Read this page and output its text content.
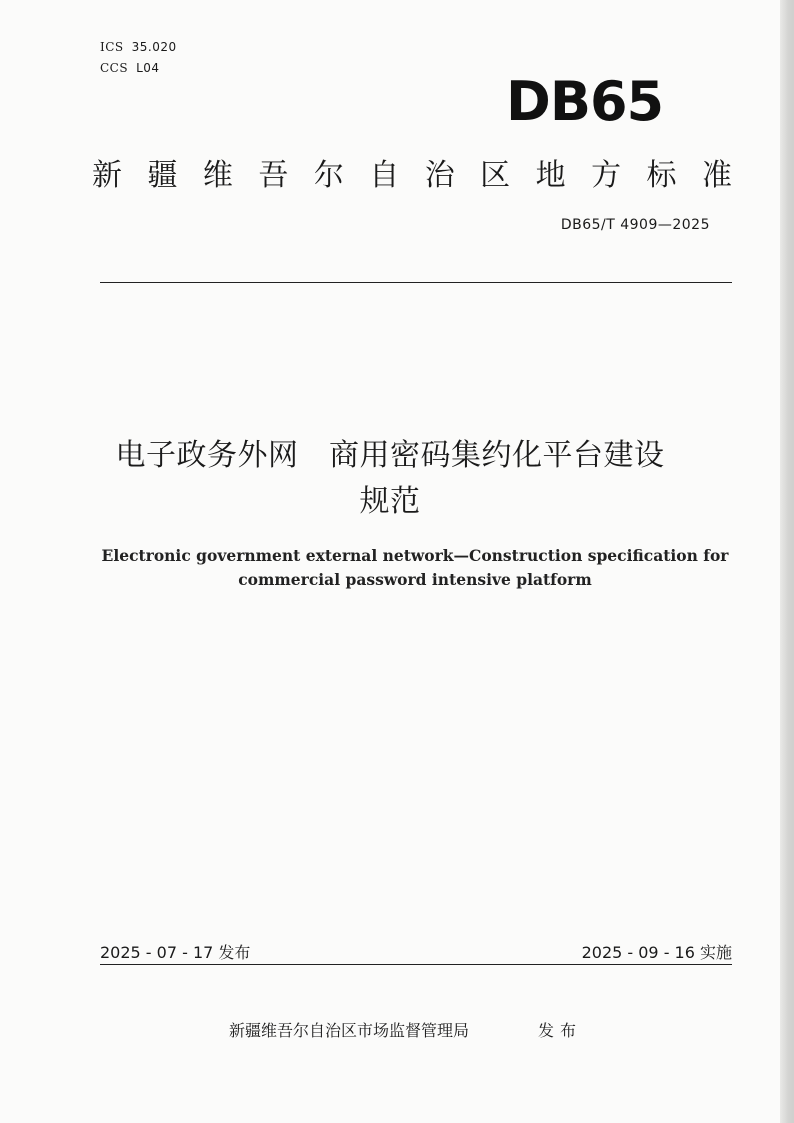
ICS 35.020
CCS L04
DB65
新 疆 维 吾 尔 自 治 区 地 方 标 准
DB65/T 4909—2025
电子政务外网　商用密码集约化平台建设
规范
Electronic government external network—Construction specification for
commercial password intensive platform
2025 - 07 - 17 发布	2025 - 09 - 16 实施
新疆维吾尔自治区市场监督管理局	发布
